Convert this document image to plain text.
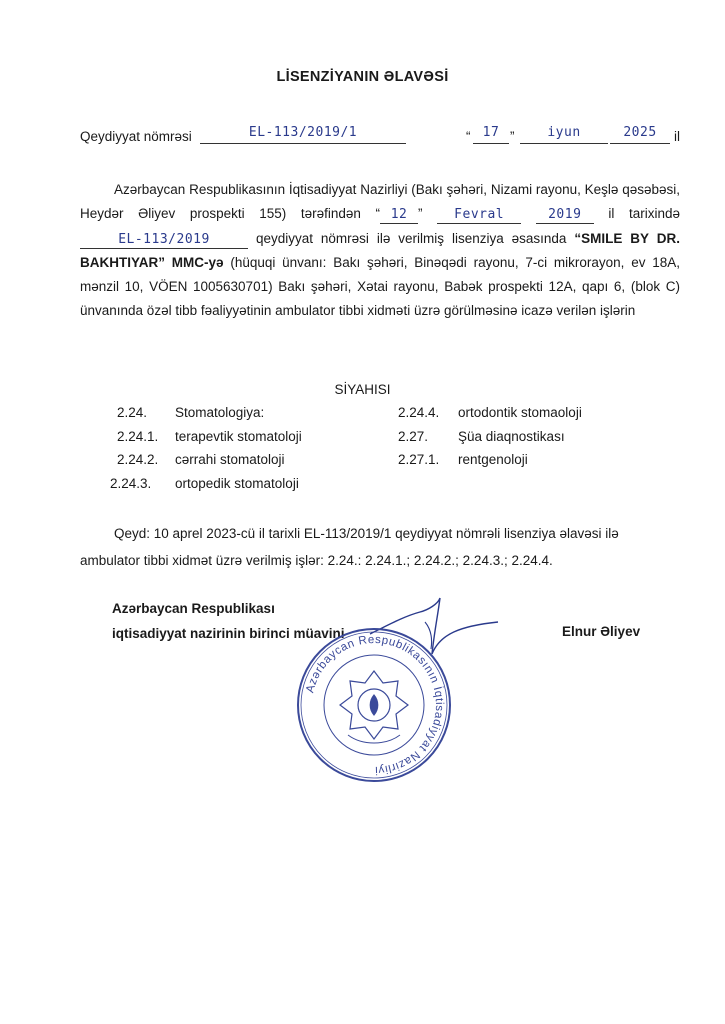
LİSENZİYANIN ƏLAVƏSİ
Qeydiyyat nömrəsi	EL-113/2019/1	“ 17 ”	iyun	2025	il
Azərbaycan Respublikasının İqtisadiyyat Nazirliyi (Bakı şəhəri, Nizami rayonu, Keşlə qəsəbəsi, Heydər Əliyev prospekti 155) tərəfindən “ 12 ” Fevral	2019 il tarixində EL-113/2019	qeydiyyat nömrəsi ilə verilmiş lisenziya əsasında “SMILE BY DR. BAKHTIYAR” MMC-yə (hüquqi ünvanı: Bakı şəhəri, Binəqədi rayonu, 7-ci mikrorayon, ev 18A, mənzil 10, VÖEN 1005630701) Bakı şəhəri, Xətai rayonu, Babək prospekti 12A, qapı 6, (blok C) ünvanında özəl tibb fəaliyyətinin ambulator tibbi xidməti üzrə görülməsinə icazə verilən işlərin
SİYAHISI
2.24. Stomatologiya:
2.24.1. terapevtik stomatoloji
2.24.2. cərrahi stomatoloji
2.24.3. ortopedik stomatoloji
2.24.4. ortodontik stomaoloji
2.27. Şüa diaqnostikası
2.27.1. rentgenoloji
Qeyd: 10 aprel 2023-cü il tarixli EL-113/2019/1 qeydiyyat nömrəli lisenziya əlavəsi ilə ambulator tibbi xidmət üzrə verilmiş işlər: 2.24.: 2.24.1.; 2.24.2.; 2.24.3.; 2.24.4.
Azərbaycan Respublikası
iqtisadiyyat nazirinin birinci müavini	Elnur Əliyev
Azərbaycan Respublikasının İqtisadiyyat Nazirliyi
